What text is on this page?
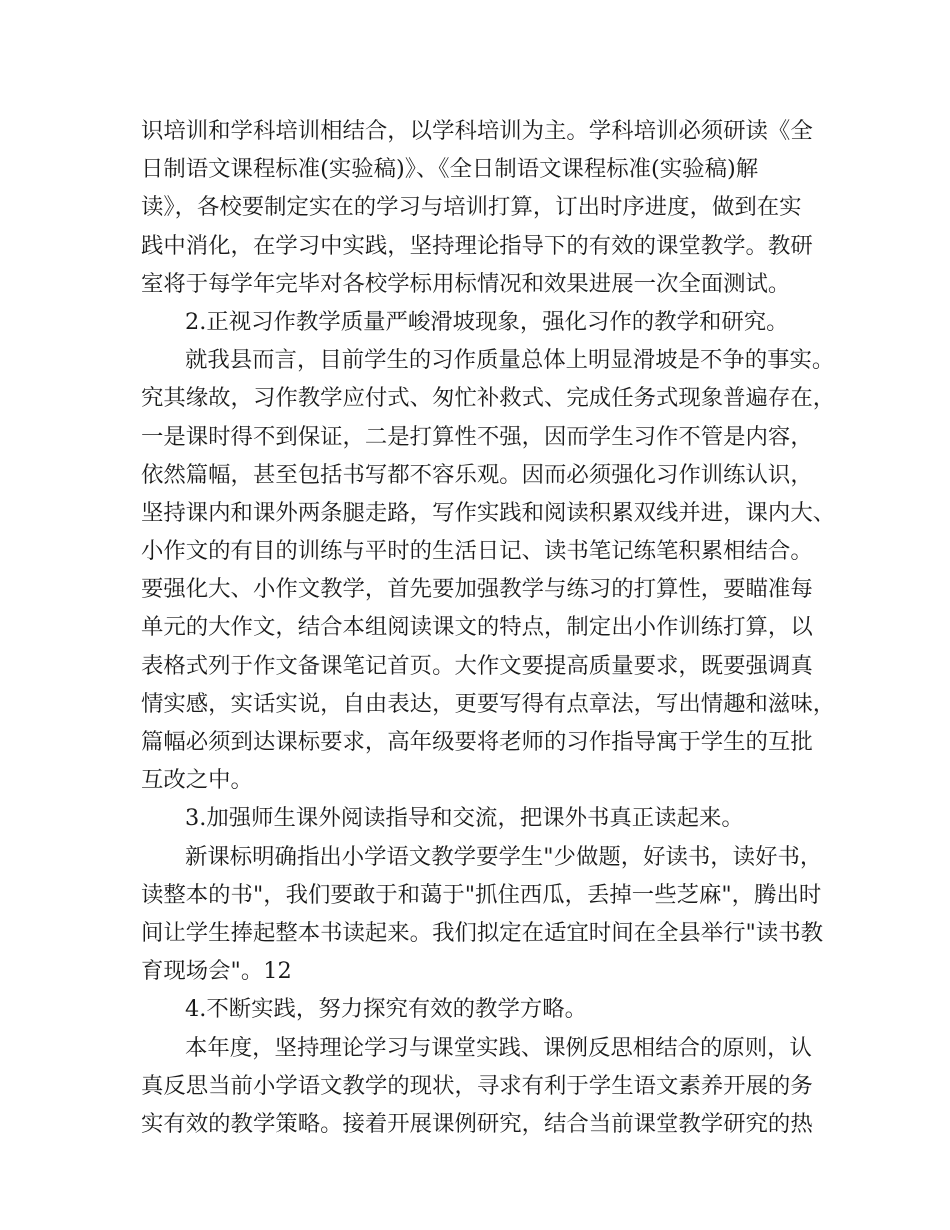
识培训和学科培训相结合，以学科培训为主。学科培训必须研读《全
日制语文课程标准(实验稿)》、《全日制语文课程标准(实验稿)解
读》，各校要制定实在的学习与培训打算，订出时序进度，做到在实
践中消化，在学习中实践，坚持理论指导下的有效的课堂教学。教研
室将于每学年完毕对各校学标用标情况和效果进展一次全面测试。
2.正视习作教学质量严峻滑坡现象，强化习作的教学和研究。
就我县而言，目前学生的习作质量总体上明显滑坡是不争的事实。
究其缘故，习作教学应付式、匆忙补救式、完成任务式现象普遍存在，
一是课时得不到保证，二是打算性不强，因而学生习作不管是内容，
依然篇幅，甚至包括书写都不容乐观。因而必须强化习作训练认识，
坚持课内和课外两条腿走路，写作实践和阅读积累双线并进，课内大、
小作文的有目的训练与平时的生活日记、读书笔记练笔积累相结合。
要强化大、小作文教学，首先要加强教学与练习的打算性，要瞄准每
单元的大作文，结合本组阅读课文的特点，制定出小作训练打算，以
表格式列于作文备课笔记首页。大作文要提高质量要求，既要强调真
情实感，实话实说，自由表达，更要写得有点章法，写出情趣和滋味，
篇幅必须到达课标要求，高年级要将老师的习作指导寓于学生的互批
互改之中。
3.加强师生课外阅读指导和交流，把课外书真正读起来。
新课标明确指出小学语文教学要学生"少做题，好读书，读好书，
读整本的书"，我们要敢于和蔼于"抓住西瓜，丢掉一些芝麻"，腾出时
间让学生捧起整本书读起来。我们拟定在适宜时间在全县举行"读书教
育现场会"。12
4.不断实践，努力探究有效的教学方略。
本年度，坚持理论学习与课堂实践、课例反思相结合的原则，认
真反思当前小学语文教学的现状，寻求有利于学生语文素养开展的务
实有效的教学策略。接着开展课例研究，结合当前课堂教学研究的热
